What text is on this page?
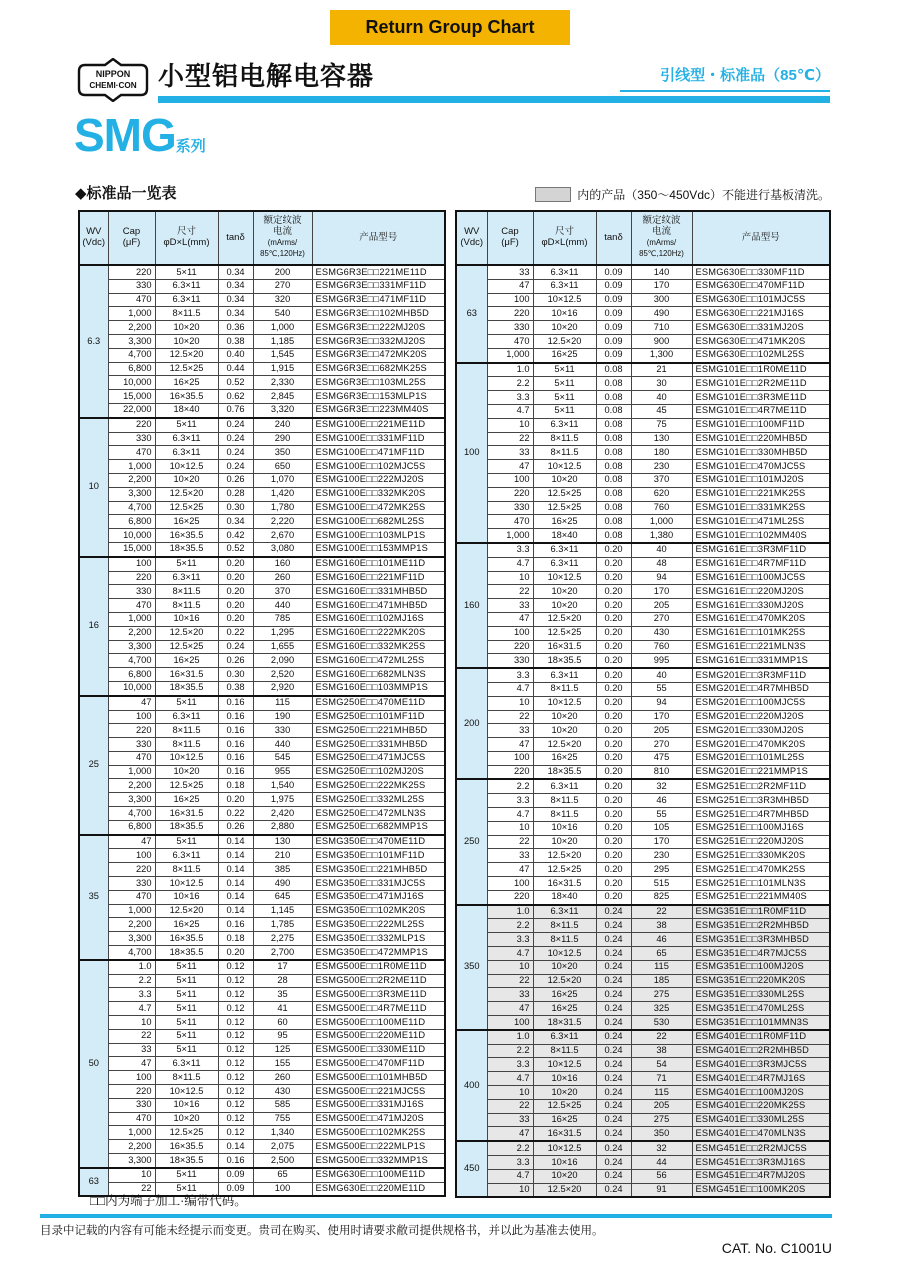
Return Group Chart
NIPPON
CHEMI·CON 小型铝电解电容器	引线型・标准品（85℃）
SMG系列
◆标准品一览表	内的产品（350～450Vdc）不能进行基板清洗。
WV
(Vdc)	Cap
(μF)	尺寸
φD×L(mm)	tanδ	额定纹波
电流
(mArms/
85℃,120Hz)	产品型号
6.3	220	5×11	0.34	200	ESMG6R3E□□221ME11D
	330	6.3×11	0.34	270	ESMG6R3E□□331MF11D
	470	6.3×11	0.34	320	ESMG6R3E□□471MF11D
	1,000	8×11.5	0.34	540	ESMG6R3E□□102MHB5D
	2,200	10×20	0.36	1,000	ESMG6R3E□□222MJ20S
	3,300	10×20	0.38	1,185	ESMG6R3E□□332MJ20S
	4,700	12.5×20	0.40	1,545	ESMG6R3E□□472MK20S
	6,800	12.5×25	0.44	1,915	ESMG6R3E□□682MK25S
	10,000	16×25	0.52	2,330	ESMG6R3E□□103ML25S
	15,000	16×35.5	0.62	2,845	ESMG6R3E□□153MLP1S
	22,000	18×40	0.76	3,320	ESMG6R3E□□223MM40S
10	220	5×11	0.24	240	ESMG100E□□221ME11D
	330	6.3×11	0.24	290	ESMG100E□□331MF11D
	470	6.3×11	0.24	350	ESMG100E□□471MF11D
	1,000	10×12.5	0.24	650	ESMG100E□□102MJC5S
	2,200	10×20	0.26	1,070	ESMG100E□□222MJ20S
	3,300	12.5×20	0.28	1,420	ESMG100E□□332MK20S
	4,700	12.5×25	0.30	1,780	ESMG100E□□472MK25S
	6,800	16×25	0.34	2,220	ESMG100E□□682ML25S
	10,000	16×35.5	0.42	2,670	ESMG100E□□103MLP1S
	15,000	18×35.5	0.52	3,080	ESMG100E□□153MMP1S
16	100	5×11	0.20	160	ESMG160E□□101ME11D
	220	6.3×11	0.20	260	ESMG160E□□221MF11D
	330	8×11.5	0.20	370	ESMG160E□□331MHB5D
	470	8×11.5	0.20	440	ESMG160E□□471MHB5D
	1,000	10×16	0.20	785	ESMG160E□□102MJ16S
	2,200	12.5×20	0.22	1,295	ESMG160E□□222MK20S
	3,300	12.5×25	0.24	1,655	ESMG160E□□332MK25S
	4,700	16×25	0.26	2,090	ESMG160E□□472ML25S
	6,800	16×31.5	0.30	2,520	ESMG160E□□682MLN3S
	10,000	18×35.5	0.38	2,920	ESMG160E□□103MMP1S
25	47	5×11	0.16	115	ESMG250E□□470ME11D
	100	6.3×11	0.16	190	ESMG250E□□101MF11D
	220	8×11.5	0.16	330	ESMG250E□□221MHB5D
	330	8×11.5	0.16	440	ESMG250E□□331MHB5D
	470	10×12.5	0.16	545	ESMG250E□□471MJC5S
	1,000	10×20	0.16	955	ESMG250E□□102MJ20S
	2,200	12.5×25	0.18	1,540	ESMG250E□□222MK25S
	3,300	16×25	0.20	1,975	ESMG250E□□332ML25S
	4,700	16×31.5	0.22	2,420	ESMG250E□□472MLN3S
	6,800	18×35.5	0.26	2,880	ESMG250E□□682MMP1S
35	47	5×11	0.14	130	ESMG350E□□470ME11D
	100	6.3×11	0.14	210	ESMG350E□□101MF11D
	220	8×11.5	0.14	385	ESMG350E□□221MHB5D
	330	10×12.5	0.14	490	ESMG350E□□331MJC5S
	470	10×16	0.14	645	ESMG350E□□471MJ16S
	1,000	12.5×20	0.14	1,145	ESMG350E□□102MK20S
	2,200	16×25	0.16	1,785	ESMG350E□□222ML25S
	3,300	16×35.5	0.18	2,275	ESMG350E□□332MLP1S
	4,700	18×35.5	0.20	2,700	ESMG350E□□472MMP1S
50	1.0	5×11	0.12	17	ESMG500E□□1R0ME11D
	2.2	5×11	0.12	28	ESMG500E□□2R2ME11D
	3.3	5×11	0.12	35	ESMG500E□□3R3ME11D
	4.7	5×11	0.12	41	ESMG500E□□4R7ME11D
	10	5×11	0.12	60	ESMG500E□□100ME11D
	22	5×11	0.12	95	ESMG500E□□220ME11D
	33	5×11	0.12	125	ESMG500E□□330ME11D
	47	6.3×11	0.12	155	ESMG500E□□470MF11D
	100	8×11.5	0.12	260	ESMG500E□□101MHB5D
	220	10×12.5	0.12	430	ESMG500E□□221MJC5S
	330	10×16	0.12	585	ESMG500E□□331MJ16S
	470	10×20	0.12	755	ESMG500E□□471MJ20S
	1,000	12.5×25	0.12	1,340	ESMG500E□□102MK25S
	2,200	16×35.5	0.14	2,075	ESMG500E□□222MLP1S
	3,300	18×35.5	0.16	2,500	ESMG500E□□332MMP1S
63	10	5×11	0.09	65	ESMG630E□□100ME11D
	22	5×11	0.09	100	ESMG630E□□220ME11D
WV
(Vdc)	Cap
(μF)	尺寸
φD×L(mm)	tanδ	额定纹波
电流
(mArms/
85℃,120Hz)	产品型号
63	33	6.3×11	0.09	140	ESMG630E□□330MF11D
	47	6.3×11	0.09	170	ESMG630E□□470MF11D
	100	10×12.5	0.09	300	ESMG630E□□101MJC5S
	220	10×16	0.09	490	ESMG630E□□221MJ16S
	330	10×20	0.09	710	ESMG630E□□331MJ20S
	470	12.5×20	0.09	900	ESMG630E□□471MK20S
	1,000	16×25	0.09	1,300	ESMG630E□□102ML25S
100	1.0	5×11	0.08	21	ESMG101E□□1R0ME11D
	2.2	5×11	0.08	30	ESMG101E□□2R2ME11D
	3.3	5×11	0.08	40	ESMG101E□□3R3ME11D
	4.7	5×11	0.08	45	ESMG101E□□4R7ME11D
	10	6.3×11	0.08	75	ESMG101E□□100MF11D
	22	8×11.5	0.08	130	ESMG101E□□220MHB5D
	33	8×11.5	0.08	180	ESMG101E□□330MHB5D
	47	10×12.5	0.08	230	ESMG101E□□470MJC5S
	100	10×20	0.08	370	ESMG101E□□101MJ20S
	220	12.5×25	0.08	620	ESMG101E□□221MK25S
	330	12.5×25	0.08	760	ESMG101E□□331MK25S
	470	16×25	0.08	1,000	ESMG101E□□471ML25S
	1,000	18×40	0.08	1,380	ESMG101E□□102MM40S
160	3.3	6.3×11	0.20	40	ESMG161E□□3R3MF11D
	4.7	6.3×11	0.20	48	ESMG161E□□4R7MF11D
	10	10×12.5	0.20	94	ESMG161E□□100MJC5S
	22	10×20	0.20	170	ESMG161E□□220MJ20S
	33	10×20	0.20	205	ESMG161E□□330MJ20S
	47	12.5×20	0.20	270	ESMG161E□□470MK20S
	100	12.5×25	0.20	430	ESMG161E□□101MK25S
	220	16×31.5	0.20	760	ESMG161E□□221MLN3S
	330	18×35.5	0.20	995	ESMG161E□□331MMP1S
200	3.3	6.3×11	0.20	40	ESMG201E□□3R3MF11D
	4.7	8×11.5	0.20	55	ESMG201E□□4R7MHB5D
	10	10×12.5	0.20	94	ESMG201E□□100MJC5S
	22	10×20	0.20	170	ESMG201E□□220MJ20S
	33	10×20	0.20	205	ESMG201E□□330MJ20S
	47	12.5×20	0.20	270	ESMG201E□□470MK20S
	100	16×25	0.20	475	ESMG201E□□101ML25S
	220	18×35.5	0.20	810	ESMG201E□□221MMP1S
250	2.2	6.3×11	0.20	32	ESMG251E□□2R2MF11D
	3.3	8×11.5	0.20	46	ESMG251E□□3R3MHB5D
	4.7	8×11.5	0.20	55	ESMG251E□□4R7MHB5D
	10	10×16	0.20	105	ESMG251E□□100MJ16S
	22	10×20	0.20	170	ESMG251E□□220MJ20S
	33	12.5×20	0.20	230	ESMG251E□□330MK20S
	47	12.5×25	0.20	295	ESMG251E□□470MK25S
	100	16×31.5	0.20	515	ESMG251E□□101MLN3S
	220	18×40	0.20	825	ESMG251E□□221MM40S
350	1.0	6.3×11	0.24	22	ESMG351E□□1R0MF11D
	2.2	8×11.5	0.24	38	ESMG351E□□2R2MHB5D
	3.3	8×11.5	0.24	46	ESMG351E□□3R3MHB5D
	4.7	10×12.5	0.24	65	ESMG351E□□4R7MJC5S
	10	10×20	0.24	115	ESMG351E□□100MJ20S
	22	12.5×20	0.24	185	ESMG351E□□220MK20S
	33	16×25	0.24	275	ESMG351E□□330ML25S
	47	16×25	0.24	325	ESMG351E□□470ML25S
	100	18×31.5	0.24	530	ESMG351E□□101MMN3S
400	1.0	6.3×11	0.24	22	ESMG401E□□1R0MF11D
	2.2	8×11.5	0.24	38	ESMG401E□□2R2MHB5D
	3.3	10×12.5	0.24	54	ESMG401E□□3R3MJC5S
	4.7	10×16	0.24	71	ESMG401E□□4R7MJ16S
	10	10×20	0.24	115	ESMG401E□□100MJ20S
	22	12.5×25	0.24	205	ESMG401E□□220MK25S
	33	16×25	0.24	275	ESMG401E□□330ML25S
	47	16×31.5	0.24	350	ESMG401E□□470MLN3S
450	2.2	10×12.5	0.24	32	ESMG451E□□2R2MJC5S
	3.3	10×16	0.24	44	ESMG451E□□3R3MJ16S
	4.7	10×20	0.24	56	ESMG451E□□4R7MJ20S
	10	12.5×20	0.24	91	ESMG451E□□100MK20S
□□内为端子加工·编带代码。
目录中记载的内容有可能未经提示而变更。贵司在购买、使用时请要求敝司提供规格书，并以此为基准去使用。
CAT. No. C1001U
